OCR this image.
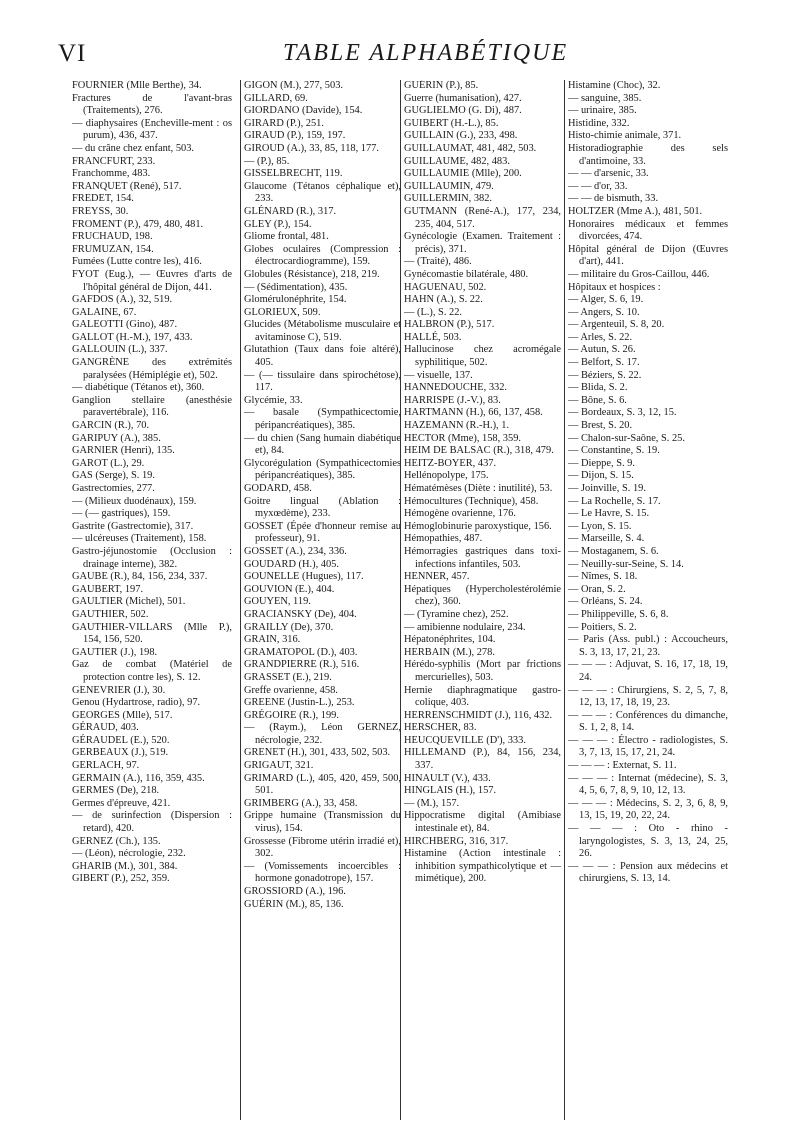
VI	TABLE ALPHABÉTIQUE

FOURNIER (Mlle Berthe), 34.

Fractures de l'avant-bras (Traitements), 276.

— diaphysaires (Encheville-ment : os purum), 436, 437.

— du crâne chez enfant, 503.

FRANCFURT, 233.

Franchomme, 483.

FRANQUET (René), 517.

FREDET, 154.

FREYSS, 30.

FROMENT (P.), 479, 480, 481.

FRUCHAUD, 198.

FRUMUZAN, 154.

Fumées (Lutte contre les), 416.

FYOT (Eug.), — Œuvres d'arts de l'hôpital général de Dijon, 441.

GAFDOS (A.), 32, 519.

GALAINE, 67.

GALEOTTI (Gino), 487.

GALLOT (H.-M.), 197, 433.

GALLOUIN (L.), 337.

GANGRÈNE des extrémités paralysées (Hémiplégie et), 502.

— diabétique (Tétanos et), 360.

Ganglion stellaire (anesthésie paravertébrale), 116.

GARCIN (R.), 70.

GARIPUY (A.), 385.

GARNIER (Henri), 135.

GAROT (L.), 29.

GAS (Serge), S. 19.

Gastrectomies, 277.

— (Milieux duodénaux), 159.

— (— gastriques), 159.

Gastrite (Gastrectomie), 317.

— ulcéreuses (Traitement), 158.

Gastro-jéjunostomie (Occlusion : drainage interne), 382.

GAUBE (R.), 84, 156, 234, 337.

GAUBERT, 197.

GAULTIER (Michel), 501.

GAUTHIER, 502.

GAUTHIER-VILLARS (Mlle P.), 154, 156, 520.

GAUTIER (J.), 198.

Gaz de combat (Matériel de protection contre les), S. 12.

GENEVRIER (J.), 30.

Genou (Hydartrose, radio), 97.

GEORGES (Mlle), 517.

GÉRAUD, 403.

GÉRAUDEL (E.), 520.

GERBEAUX (J.), 519.

GERLACH, 97.

GERMAIN (A.), 116, 359, 435.

GERMES (De), 218.

Germes d'épreuve, 421.

— de surinfection (Dispersion : retard), 420.

GERNEZ (Ch.), 135.

— (Léon), nécrologie, 232.

GHARIB (M.), 301, 384.

GIBERT (P.), 252, 359.

GIGON (M.), 277, 503.

GILLARD, 69.

GIORDANO (Davide), 154.

GIRARD (P.), 251.

GIRAUD (P.), 159, 197.

GIROUD (A.), 33, 85, 118, 177.

— (P.), 85.

GISSELBRECHT, 119.

Glaucome (Tétanos céphalique et), 233.

GLÉNARD (R.), 317.

GLEY (P.), 154.

Gliome frontal, 481.

Globes oculaires (Compression : électrocardiogramme), 159.

Globules (Résistance), 218, 219.

— (Sédimentation), 435.

Glomérulonéphrite, 154.

GLORIEUX, 509.

Glucides (Métabolisme musculaire et avitaminose C), 519.

Glutathion (Taux dans foie altéré), 405.

— (— tissulaire dans spirochétose), 117.

Glycémie, 33.

— basale (Sympathicectomie, péripancréatiques), 385.

— du chien (Sang humain diabétique et), 84.

Glycorégulation (Sympathicectomies péripancréatiques), 385.

GODARD, 458.

Goitre lingual (Ablation : myxœdème), 233.

GOSSET (Épée d'honneur remise au professeur), 91.

GOSSET (A.), 234, 336.

GOUDARD (H.), 405.

GOUNELLE (Hugues), 117.

GOUVION (E.), 404.

GOUYEN, 119.

GRACIANSKY (De), 404.

GRAILLY (De), 370.

GRAIN, 316.

GRAMATOPOL (D.), 403.

GRANDPIERRE (R.), 516.

GRASSET (E.), 219.

Greffe ovarienne, 458.

GREENE (Justin-L.), 253.

GRÉGOIRE (R.), 199.

— (Raym.), Léon GERNEZ, nécrologie, 232.

GRENET (H.), 301, 433, 502, 503.

GRIGAUT, 321.

GRIMARD (L.), 405, 420, 459, 500, 501.

GRIMBERG (A.), 33, 458.

Grippe humaine (Transmission du virus), 154.

Grossesse (Fibrome utérin irradié et), 302.

— (Vomissements incoercibles : hormone gonadotrope), 157.

GROSSIORD (A.), 196.

GUÉRIN (M.), 85, 136.

GUÉRIN (P.), 85.

Guerre (humanisation), 427.

GUGLIELMO (G. Di), 487.

GUIBERT (H.-L.), 85.

GUILLAIN (G.), 233, 498.

GUILLAUMAT, 481, 482, 503.

GUILLAUME, 482, 483.

GUILLAUMIE (Mlle), 200.

GUILLAUMIN, 479.

GUILLERMIN, 382.

GUTMANN (René-A.), 177, 234, 235, 404, 517.

Gynécologie (Examen. Traitement : précis), 371.

— (Traité), 486.

Gynécomastie bilatérale, 480.

HAGUENAU, 502.

HAHN (A.), S. 22.

— (L.), S. 22.

HALBRON (P.), 517.

HALLÉ, 503.

Hallucinose chez acromégale syphilitique, 502.

— visuelle, 137.

HANNEDOUCHE, 332.

HARRISPE (J.-V.), 83.

HARTMANN (H.), 66, 137, 458.

HAZEMANN (R.-H.), 1.

HECTOR (Mme), 158, 359.

HEIM DE BALSAC (R.), 318, 479.

HEITZ-BOYER, 437.

Hellénopolype, 175.

Hématémèses (Diète : inutilité), 53.

Hémocultures (Technique), 458.

Hémogène ovarienne, 176.

Hémoglobinurie paroxystique, 156.

Hémopathies, 487.

Hémorragies gastriques dans toxi-infections infantiles, 503.

HENNER, 457.

Hépatiques (Hypercholestérolémie chez), 360.

— (Tyramine chez), 252.

— amibienne nodulaire, 234.

Hépatonéphrites, 104.

HERBAIN (M.), 278.

Hérédo-syphilis (Mort par frictions mercurielles), 503.

Hernie diaphragmatique gastro-colique, 403.

HERRENSCHMIDT (J.), 116, 432.

HERSCHER, 83.

HEUCQUEVILLE (D'), 333.

HILLEMAND (P.), 84, 156, 234, 337.

HINAULT (V.), 433.

HINGLAIS (H.), 157.

— (M.), 157.

Hippocratisme digital (Amibiase intestinale et), 84.

HIRCHBERG, 316, 317.

Histamine (Action intestinale : inhibition sympathicolytique et — mimétique), 200.

Histamine (Choc), 32.

— sanguine, 385.

— urinaire, 385.

Histidine, 332.

Histo-chimie animale, 371.

Historadiographie des sels d'antimoine, 33.

— — d'arsenic, 33.

— — d'or, 33.

— — de bismuth, 33.

HOLTZER (Mme A.), 481, 501.

Honoraires médicaux et femmes divorcées, 474.

Hôpital général de Dijon (Œuvres d'art), 441.

— militaire du Gros-Caillou, 446.

Hôpitaux et hospices :

— Alger, S. 6, 19.

— Angers, S. 10.

— Argenteuil, S. 8, 20.

— Arles, S. 22.

— Autun, S. 26.

— Belfort, S. 17.

— Béziers, S. 22.

— Blida, S. 2.

— Bône, S. 6.

— Bordeaux, S. 3, 12, 15.

— Brest, S. 20.

— Chalon-sur-Saône, S. 25.

— Constantine, S. 19.

— Dieppe, S. 9.

— Dijon, S. 15.

— Joinville, S. 19.

— La Rochelle, S. 17.

— Le Havre, S. 15.

— Lyon, S. 15.

— Marseille, S. 4.

— Mostaganem, S. 6.

— Neuilly-sur-Seine, S. 14.

— Nîmes, S. 18.

— Oran, S. 2.

— Orléans, S. 24.

— Philippeville, S. 6, 8.

— Poitiers, S. 2.

— Paris (Ass. publ.) : Accoucheurs, S. 3, 13, 17, 21, 23.

— — — : Adjuvat, S. 16, 17, 18, 19, 24.

— — — : Chirurgiens, S. 2, 5, 7, 8, 12, 13, 17, 18, 19, 23.

— — — : Conférences du dimanche, S. 1, 2, 8, 14.

— — — : Électro - radiologistes, S. 3, 7, 13, 15, 17, 21, 24.

— — — : Externat, S. 11.

— — — : Internat (médecine), S. 3, 4, 5, 6, 7, 8, 9, 10, 12, 13.

— — — : Médecins, S. 2, 3, 6, 8, 9, 13, 15, 19, 20, 22, 24.

— — — : Oto - rhino - laryngologistes, S. 3, 13, 24, 25, 26.

— — — : Pension aux médecins et chirurgiens, S. 13, 14.
